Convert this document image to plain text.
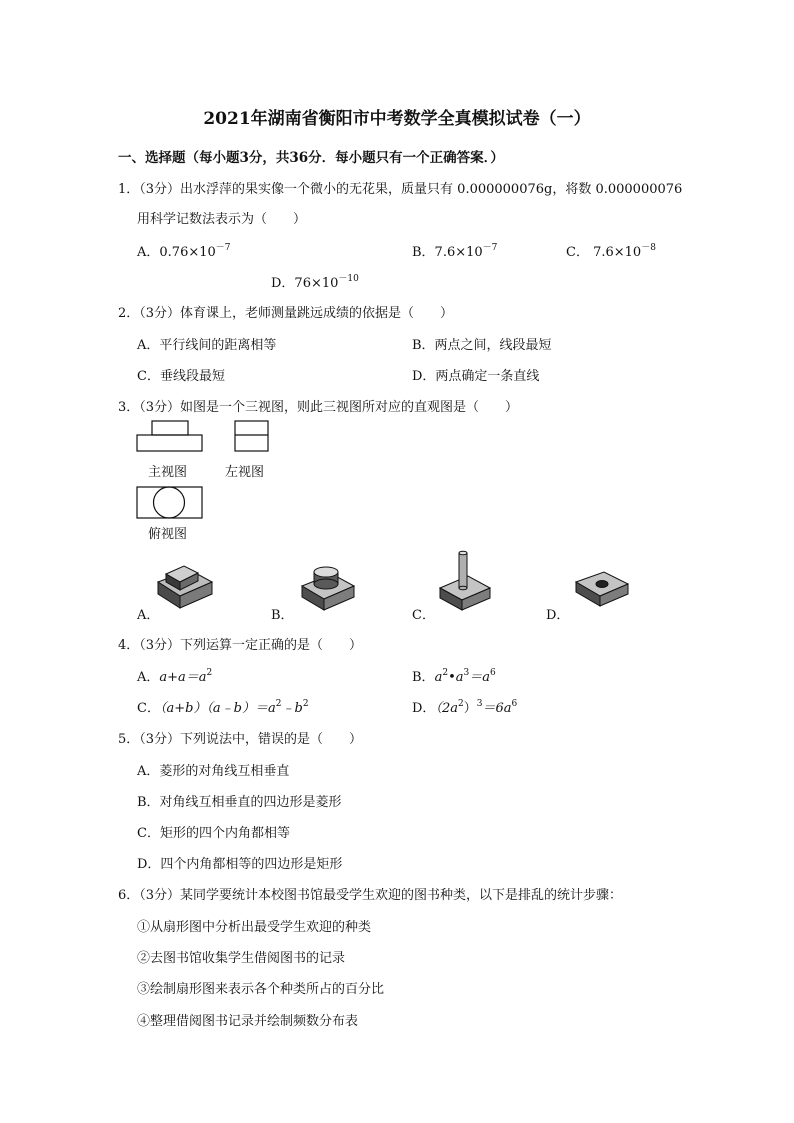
2021年湖南省衡阳市中考数学全真模拟试卷（一）
一、选择题（每小题3分，共36分．每小题只有一个正确答案．）
1．（3分）出水浮萍的果实像一个微小的无花果，质量只有 0.000000076g，将数 0.000000076
用科学记数法表示为（　　）
A．$0.76\times 10^{-7}$	B．$7.6\times 10^{-7}$	C． $7.6\times 10^{-8}$
D．$76\times 10^{-10}$
2．（3分）体育课上，老师测量跳远成绩的依据是（　　）
A．平行线间的距离相等	B．两点之间，线段最短
C．垂线段最短	D．两点确定一条直线
3．（3分）如图是一个三视图，则此三视图所对应的直观图是（　　）
主视图	左视图
俯视图
A．	B．	C．	D．
4．（3分）下列运算一定正确的是（　　）
A．$a+a=a^2$	B．$a^2•a^3=a^6$
C．$(a+b)(a﹣b)=a^2﹣b^2$	D．$(2a^2)^3=6a^6$
5．（3分）下列说法中，错误的是（　　）
A．菱形的对角线互相垂直
B．对角线互相垂直的四边形是菱形
C．矩形的四个内角都相等
D．四个内角都相等的四边形是矩形
6．（3分）某同学要统计本校图书馆最受学生欢迎的图书种类，以下是排乱的统计步骤：
①从扇形图中分析出最受学生欢迎的种类
②去图书馆收集学生借阅图书的记录
③绘制扇形图来表示各个种类所占的百分比
④整理借阅图书记录并绘制频数分布表
